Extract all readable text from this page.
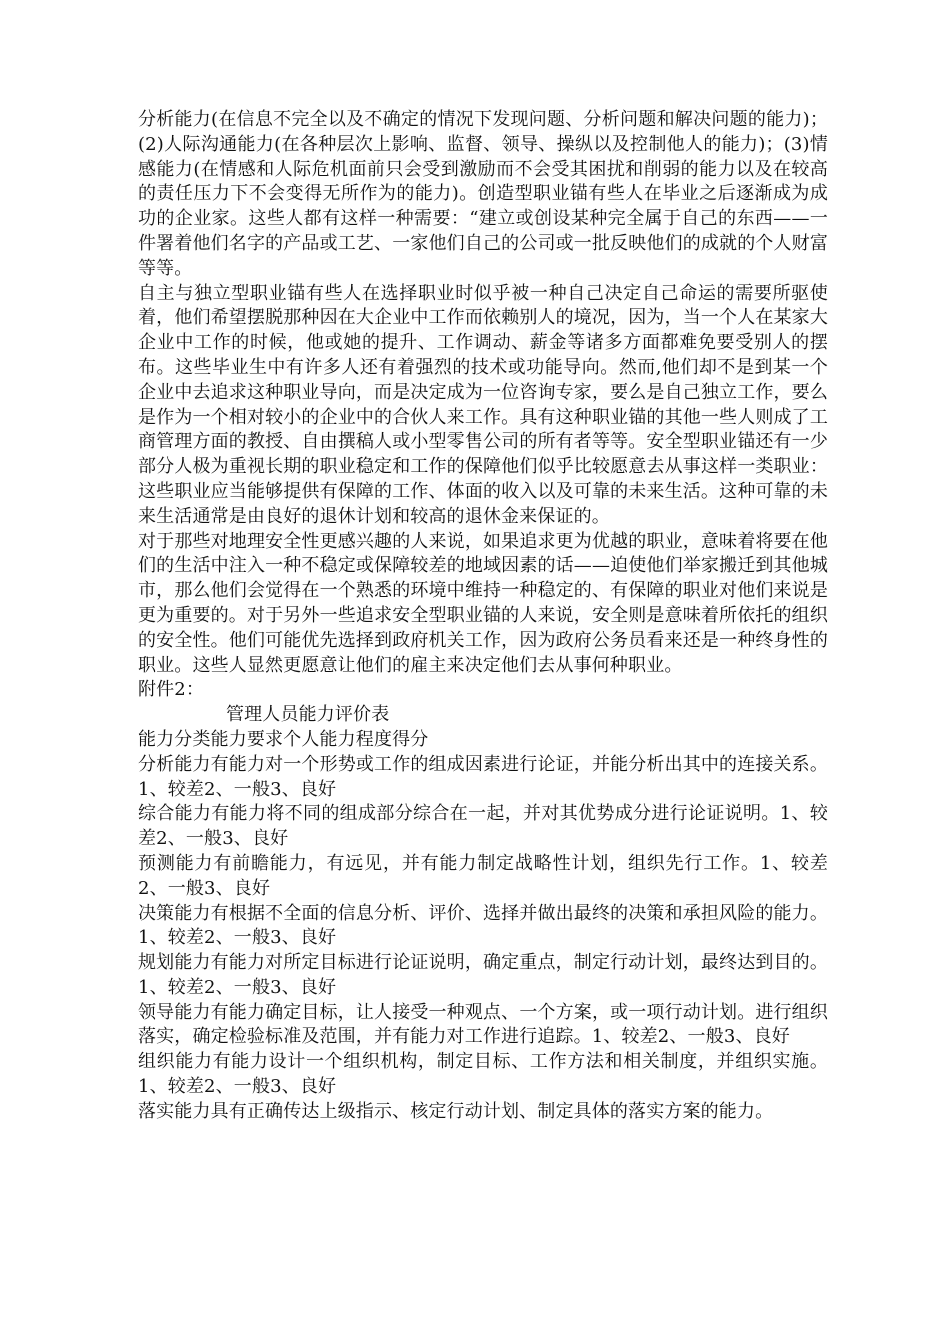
分析能力(在信息不完全以及不确定的情况下发现问题、分析问题和解决问题的能力)；(2)人际沟通能力(在各种层次上影响、监督、领导、操纵以及控制他人的能力)；(3)情感能力(在情感和人际危机面前只会受到激励而不会受其困扰和削弱的能力以及在较高的责任压力下不会变得无所作为的能力)。创造型职业锚有些人在毕业之后逐渐成为成功的企业家。这些人都有这样一种需要：“建立或创设某种完全属于自己的东西——一件署着他们名字的产品或工艺、一家他们自己的公司或一批反映他们的成就的个人财富等等。

自主与独立型职业锚有些人在选择职业时似乎被一种自己决定自己命运的需要所驱使着，他们希望摆脱那种因在大企业中工作而依赖别人的境况，因为，当一个人在某家大企业中工作的时候，他或她的提升、工作调动、薪金等诸多方面都难免要受别人的摆布。这些毕业生中有许多人还有着强烈的技术或功能导向。然而,他们却不是到某一个企业中去追求这种职业导向，而是决定成为一位咨询专家，要么是自己独立工作，要么是作为一个相对较小的企业中的合伙人来工作。具有这种职业锚的其他一些人则成了工商管理方面的教授、自由撰稿人或小型零售公司的所有者等等。安全型职业锚还有一少部分人极为重视长期的职业稳定和工作的保障他们似乎比较愿意去从事这样一类职业：这些职业应当能够提供有保障的工作、体面的收入以及可靠的未来生活。这种可靠的未来生活通常是由良好的退休计划和较高的退休金来保证的。

对于那些对地理安全性更感兴趣的人来说，如果追求更为优越的职业，意味着将要在他们的生活中注入一种不稳定或保障较差的地域因素的话——迫使他们举家搬迁到其他城市，那么他们会觉得在一个熟悉的环境中维持一种稳定的、有保障的职业对他们来说是更为重要的。对于另外一些追求安全型职业锚的人来说，安全则是意味着所依托的组织的安全性。他们可能优先选择到政府机关工作，因为政府公务员看来还是一种终身性的职业。这些人显然更愿意让他们的雇主来决定他们去从事何种职业。

附件2：

管理人员能力评价表

能力分类能力要求个人能力程度得分

分析能力有能力对一个形势或工作的组成因素进行论证，并能分析出其中的连接关系。1、较差2、一般3、良好

综合能力有能力将不同的组成部分综合在一起，并对其优势成分进行论证说明。1、较差2、一般3、良好

预测能力有前瞻能力，有远见，并有能力制定战略性计划，组织先行工作。1、较差2、一般3、良好

决策能力有根据不全面的信息分析、评价、选择并做出最终的决策和承担风险的能力。1、较差2、一般3、良好

规划能力有能力对所定目标进行论证说明，确定重点，制定行动计划，最终达到目的。1、较差2、一般3、良好

领导能力有能力确定目标，让人接受一种观点、一个方案，或一项行动计划。进行组织落实，确定检验标准及范围，并有能力对工作进行追踪。1、较差2、一般3、良好

组织能力有能力设计一个组织机构，制定目标、工作方法和相关制度，并组织实施。1、较差2、一般3、良好

落实能力具有正确传达上级指示、核定行动计划、制定具体的落实方案的能力。
